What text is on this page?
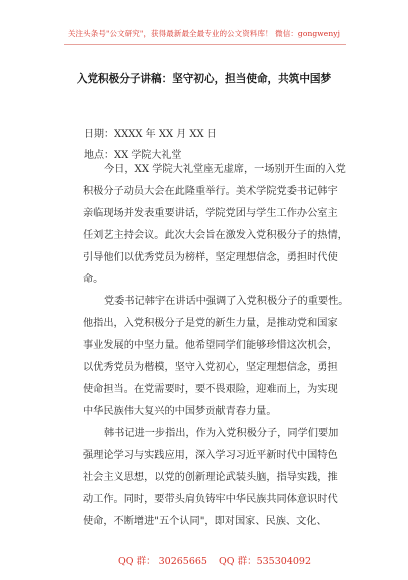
关注头条号"公文研究"，获得最新最全最专业的公文资料库！ 微信：gongwenyj
入党积极分子讲稿：坚守初心，担当使命，共筑中国梦
日期：XXXX 年 XX 月 XX 日
地点：XX 学院大礼堂
今日，XX 学院大礼堂座无虚席，一场别开生面的入党
积极分子动员大会在此隆重举行。美术学院党委书记韩宇
亲临现场并发表重要讲话，学院党团与学生工作办公室主
任刘艺主持会议。此次大会旨在激发入党积极分子的热情，
引导他们以优秀党员为榜样，坚定理想信念，勇担时代使
命。
党委书记韩宇在讲话中强调了入党积极分子的重要性。
他指出，入党积极分子是党的新生力量，是推动党和国家
事业发展的中坚力量。他希望同学们能够珍惜这次机会，
以优秀党员为楷模，坚守入党初心，坚定理想信念，勇担
使命担当。在党需要时，要不畏艰险，迎难而上，为实现
中华民族伟大复兴的中国梦贡献青春力量。
韩书记进一步指出，作为入党积极分子，同学们要加
强理论学习与实践应用，深入学习习近平新时代中国特色
社会主义思想，以党的创新理论武装头脑，指导实践，推
动工作。同时，要带头肩负铸牢中华民族共同体意识时代
使命，不断增进"五个认同"，即对国家、民族、文化、
QQ 群： 30265665 QQ 群：535304092
